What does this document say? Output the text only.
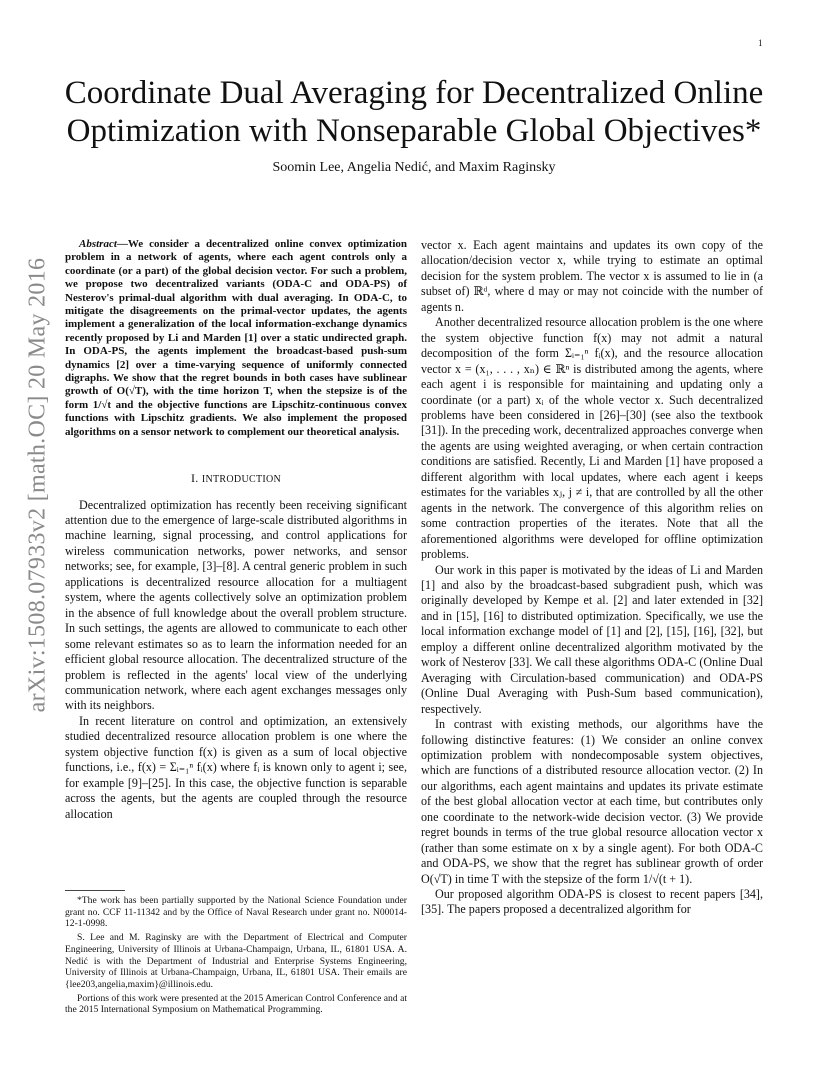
1
arXiv:1508.07933v2 [math.OC] 20 May 2016
Coordinate Dual Averaging for Decentralized Online
Optimization with Nonseparable Global Objectives*
Soomin Lee, Angelia Nedić, and Maxim Raginsky

Abstract—We consider a decentralized online convex optimization problem in a network of agents, where each agent controls only a coordinate (or a part) of the global decision vector. For such a problem, we propose two decentralized variants (ODA-C and ODA-PS) of Nesterov's primal-dual algorithm with dual averaging. In ODA-C, to mitigate the disagreements on the primal-vector updates, the agents implement a generalization of the local information-exchange dynamics recently proposed by Li and Marden [1] over a static undirected graph. In ODA-PS, the agents implement the broadcast-based push-sum dynamics [2] over a time-varying sequence of uniformly connected digraphs. We show that the regret bounds in both cases have sublinear growth of O(√T), with the time horizon T, when the stepsize is of the form 1/√t and the objective functions are Lipschitz-continuous convex functions with Lipschitz gradients. We also implement the proposed algorithms on a sensor network to complement our theoretical analysis.

I. INTRODUCTION

Decentralized optimization has recently been receiving significant attention due to the emergence of large-scale distributed algorithms in machine learning, signal processing, and control applications for wireless communication networks, power networks, and sensor networks; see, for example, [3]–[8]. A central generic problem in such applications is decentralized resource allocation for a multiagent system, where the agents collectively solve an optimization problem in the absence of full knowledge about the overall problem structure. In such settings, the agents are allowed to communicate to each other some relevant estimates so as to learn the information needed for an efficient global resource allocation. The decentralized structure of the problem is reflected in the agents' local view of the underlying communication network, where each agent exchanges messages only with its neighbors.

In recent literature on control and optimization, an extensively studied decentralized resource allocation problem is one where the system objective function f(x) is given as a sum of local objective functions, i.e., f(x) = Σᵢ₌₁ⁿ fᵢ(x) where fᵢ is known only to agent i; see, for example [9]–[25]. In this case, the objective function is separable across the agents, but the agents are coupled through the resource allocation

*The work has been partially supported by the National Science Foundation under grant no. CCF 11-11342 and by the Office of Naval Research under grant no. N00014-12-1-0998.

S. Lee and M. Raginsky are with the Department of Electrical and Computer Engineering, University of Illinois at Urbana-Champaign, Urbana, IL, 61801 USA. A. Nedić is with the Department of Industrial and Enterprise Systems Engineering, University of Illinois at Urbana-Champaign, Urbana, IL, 61801 USA. Their emails are {lee203,angelia,maxim}@illinois.edu.

Portions of this work were presented at the 2015 American Control Conference and at the 2015 International Symposium on Mathematical Programming.

vector x. Each agent maintains and updates its own copy of the allocation/decision vector x, while trying to estimate an optimal decision for the system problem. The vector x is assumed to lie in (a subset of) ℝᵈ, where d may or may not coincide with the number of agents n.

Another decentralized resource allocation problem is the one where the system objective function f(x) may not admit a natural decomposition of the form Σᵢ₌₁ⁿ fᵢ(x), and the resource allocation vector x = (x₁, . . . , xₙ) ∈ ℝⁿ is distributed among the agents, where each agent i is responsible for maintaining and updating only a coordinate (or a part) xᵢ of the whole vector x. Such decentralized problems have been considered in [26]–[30] (see also the textbook [31]). In the preceding work, decentralized approaches converge when the agents are using weighted averaging, or when certain contraction conditions are satisfied. Recently, Li and Marden [1] have proposed a different algorithm with local updates, where each agent i keeps estimates for the variables xⱼ, j ≠ i, that are controlled by all the other agents in the network. The convergence of this algorithm relies on some contraction properties of the iterates. Note that all the aforementioned algorithms were developed for offline optimization problems.

Our work in this paper is motivated by the ideas of Li and Marden [1] and also by the broadcast-based subgradient push, which was originally developed by Kempe et al. [2] and later extended in [32] and in [15], [16] to distributed optimization. Specifically, we use the local information exchange model of [1] and [2], [15], [16], [32], but employ a different online decentralized algorithm motivated by the work of Nesterov [33]. We call these algorithms ODA-C (Online Dual Averaging with Circulation-based communication) and ODA-PS (Online Dual Averaging with Push-Sum based communication), respectively.

In contrast with existing methods, our algorithms have the following distinctive features: (1) We consider an online convex optimization problem with nondecomposable system objectives, which are functions of a distributed resource allocation vector. (2) In our algorithms, each agent maintains and updates its private estimate of the best global allocation vector at each time, but contributes only one coordinate to the network-wide decision vector. (3) We provide regret bounds in terms of the true global resource allocation vector x (rather than some estimate on x by a single agent). For both ODA-C and ODA-PS, we show that the regret has sublinear growth of order O(√T) in time T with the stepsize of the form 1/√(t + 1).

Our proposed algorithm ODA-PS is closest to recent papers [34], [35]. The papers proposed a decentralized algorithm for
